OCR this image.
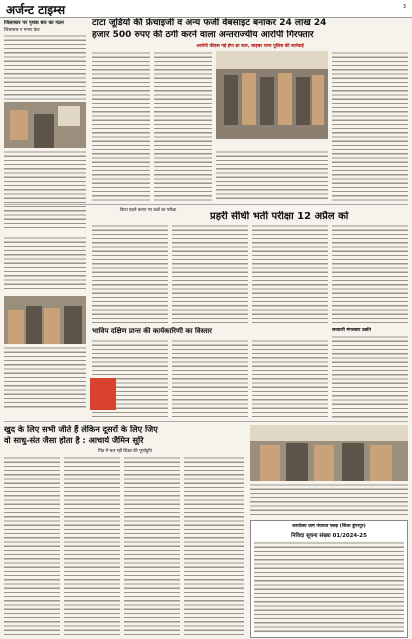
अर्जन्ट टाइम्स	3
जिलास्तर पर पृथक बार का गठन
जिलास्तर न मनाए केव
टाटा जूडियो की फ्रेंचाइजी व अन्य फर्जी वेबसाइट बनाकर 24 लाख 24
हजार 500 रुपए की ठगी करने वाला अन्तराज्यीय आरोपी गिरफ्तार
आरोपी कीडस गई ईंगा ज्ञा कार, साइबर थाना पुलिस की कार्रवाई
किया पहले कराए गए प्रश्नों का परीक्षा
प्रहरी सीधी भर्ती परीक्षा 12 अप्रैल को
भाविप दक्षिण प्रान्त की कार्यकारिणी का विस्तार	सरकारी मंगलवार उन्नति
खुद के लिए सभी जीते हैं लेकिन दूसरों के लिए जिए
वो साधु-संत जैसा होता है : आचार्य जैमिन सूरि
पिंड में चल रही शिक्षा की पूर्णाहुति
कार्यालय ग्राम पंचायत फ्लड़ (जिला डूंगरपुर)
निविदा सूचना संख्या 01/2024-25
